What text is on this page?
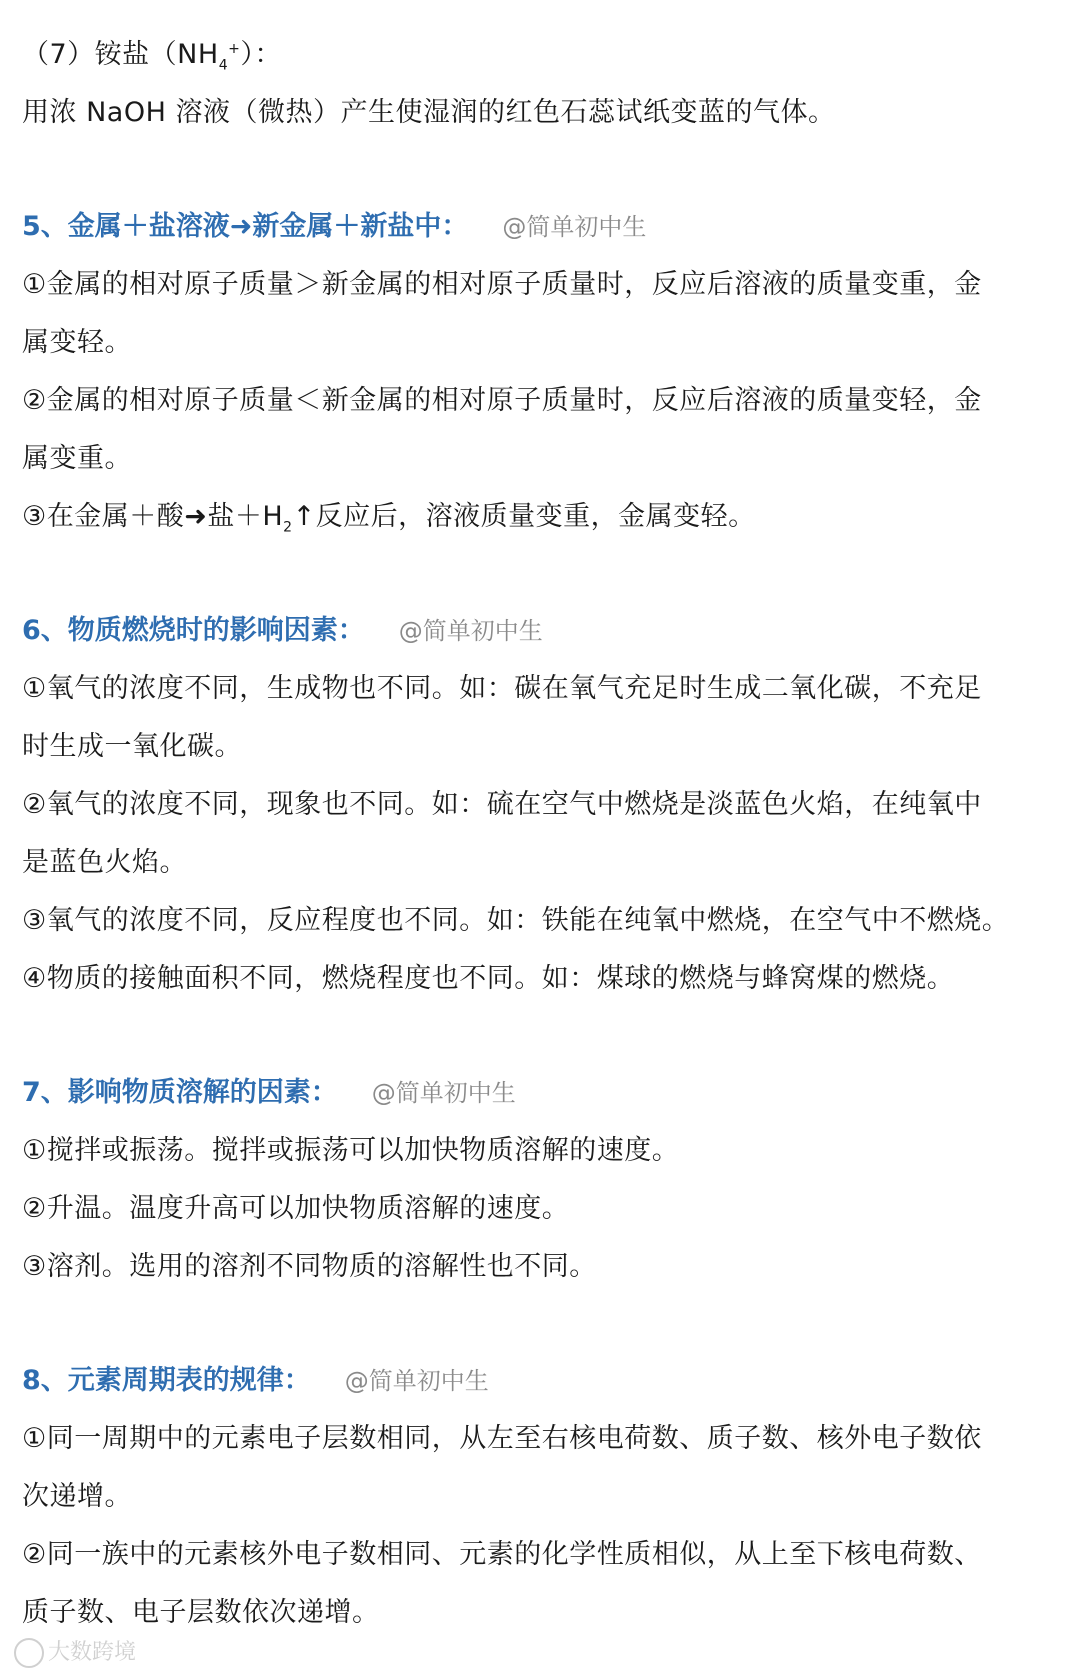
（7）铵盐$(NH_4^+)$：

用浓 NaOH 溶液（微热）产生使湿润的红色石蕊试纸变蓝的气体。

5、金属＋盐溶液➜新金属＋新盐中： @简单初中生

①金属的相对原子质量＞新金属的相对原子质量时，反应后溶液的质量变重，金

属变轻。

②金属的相对原子质量＜新金属的相对原子质量时，反应后溶液的质量变轻，金

属变重。

③在金属＋酸➜盐$+H_2↑$反应后，溶液质量变重，金属变轻。

6、物质燃烧时的影响因素： @简单初中生

①氧气的浓度不同，生成物也不同。如：碳在氧气充足时生成二氧化碳，不充足

时生成一氧化碳。

②氧气的浓度不同，现象也不同。如：硫在空气中燃烧是淡蓝色火焰，在纯氧中

是蓝色火焰。

③氧气的浓度不同，反应程度也不同。如：铁能在纯氧中燃烧，在空气中不燃烧。

④物质的接触面积不同，燃烧程度也不同。如：煤球的燃烧与蜂窝煤的燃烧。

7、影响物质溶解的因素： @简单初中生

①搅拌或振荡。搅拌或振荡可以加快物质溶解的速度。

②升温。温度升高可以加快物质溶解的速度。

③溶剂。选用的溶剂不同物质的溶解性也不同。

8、元素周期表的规律： @简单初中生

①同一周期中的元素电子层数相同，从左至右核电荷数、质子数、核外电子数依

次递增。

②同一族中的元素核外电子数相同、元素的化学性质相似，从上至下核电荷数、

质子数、电子层数依次递增。

大数跨境
